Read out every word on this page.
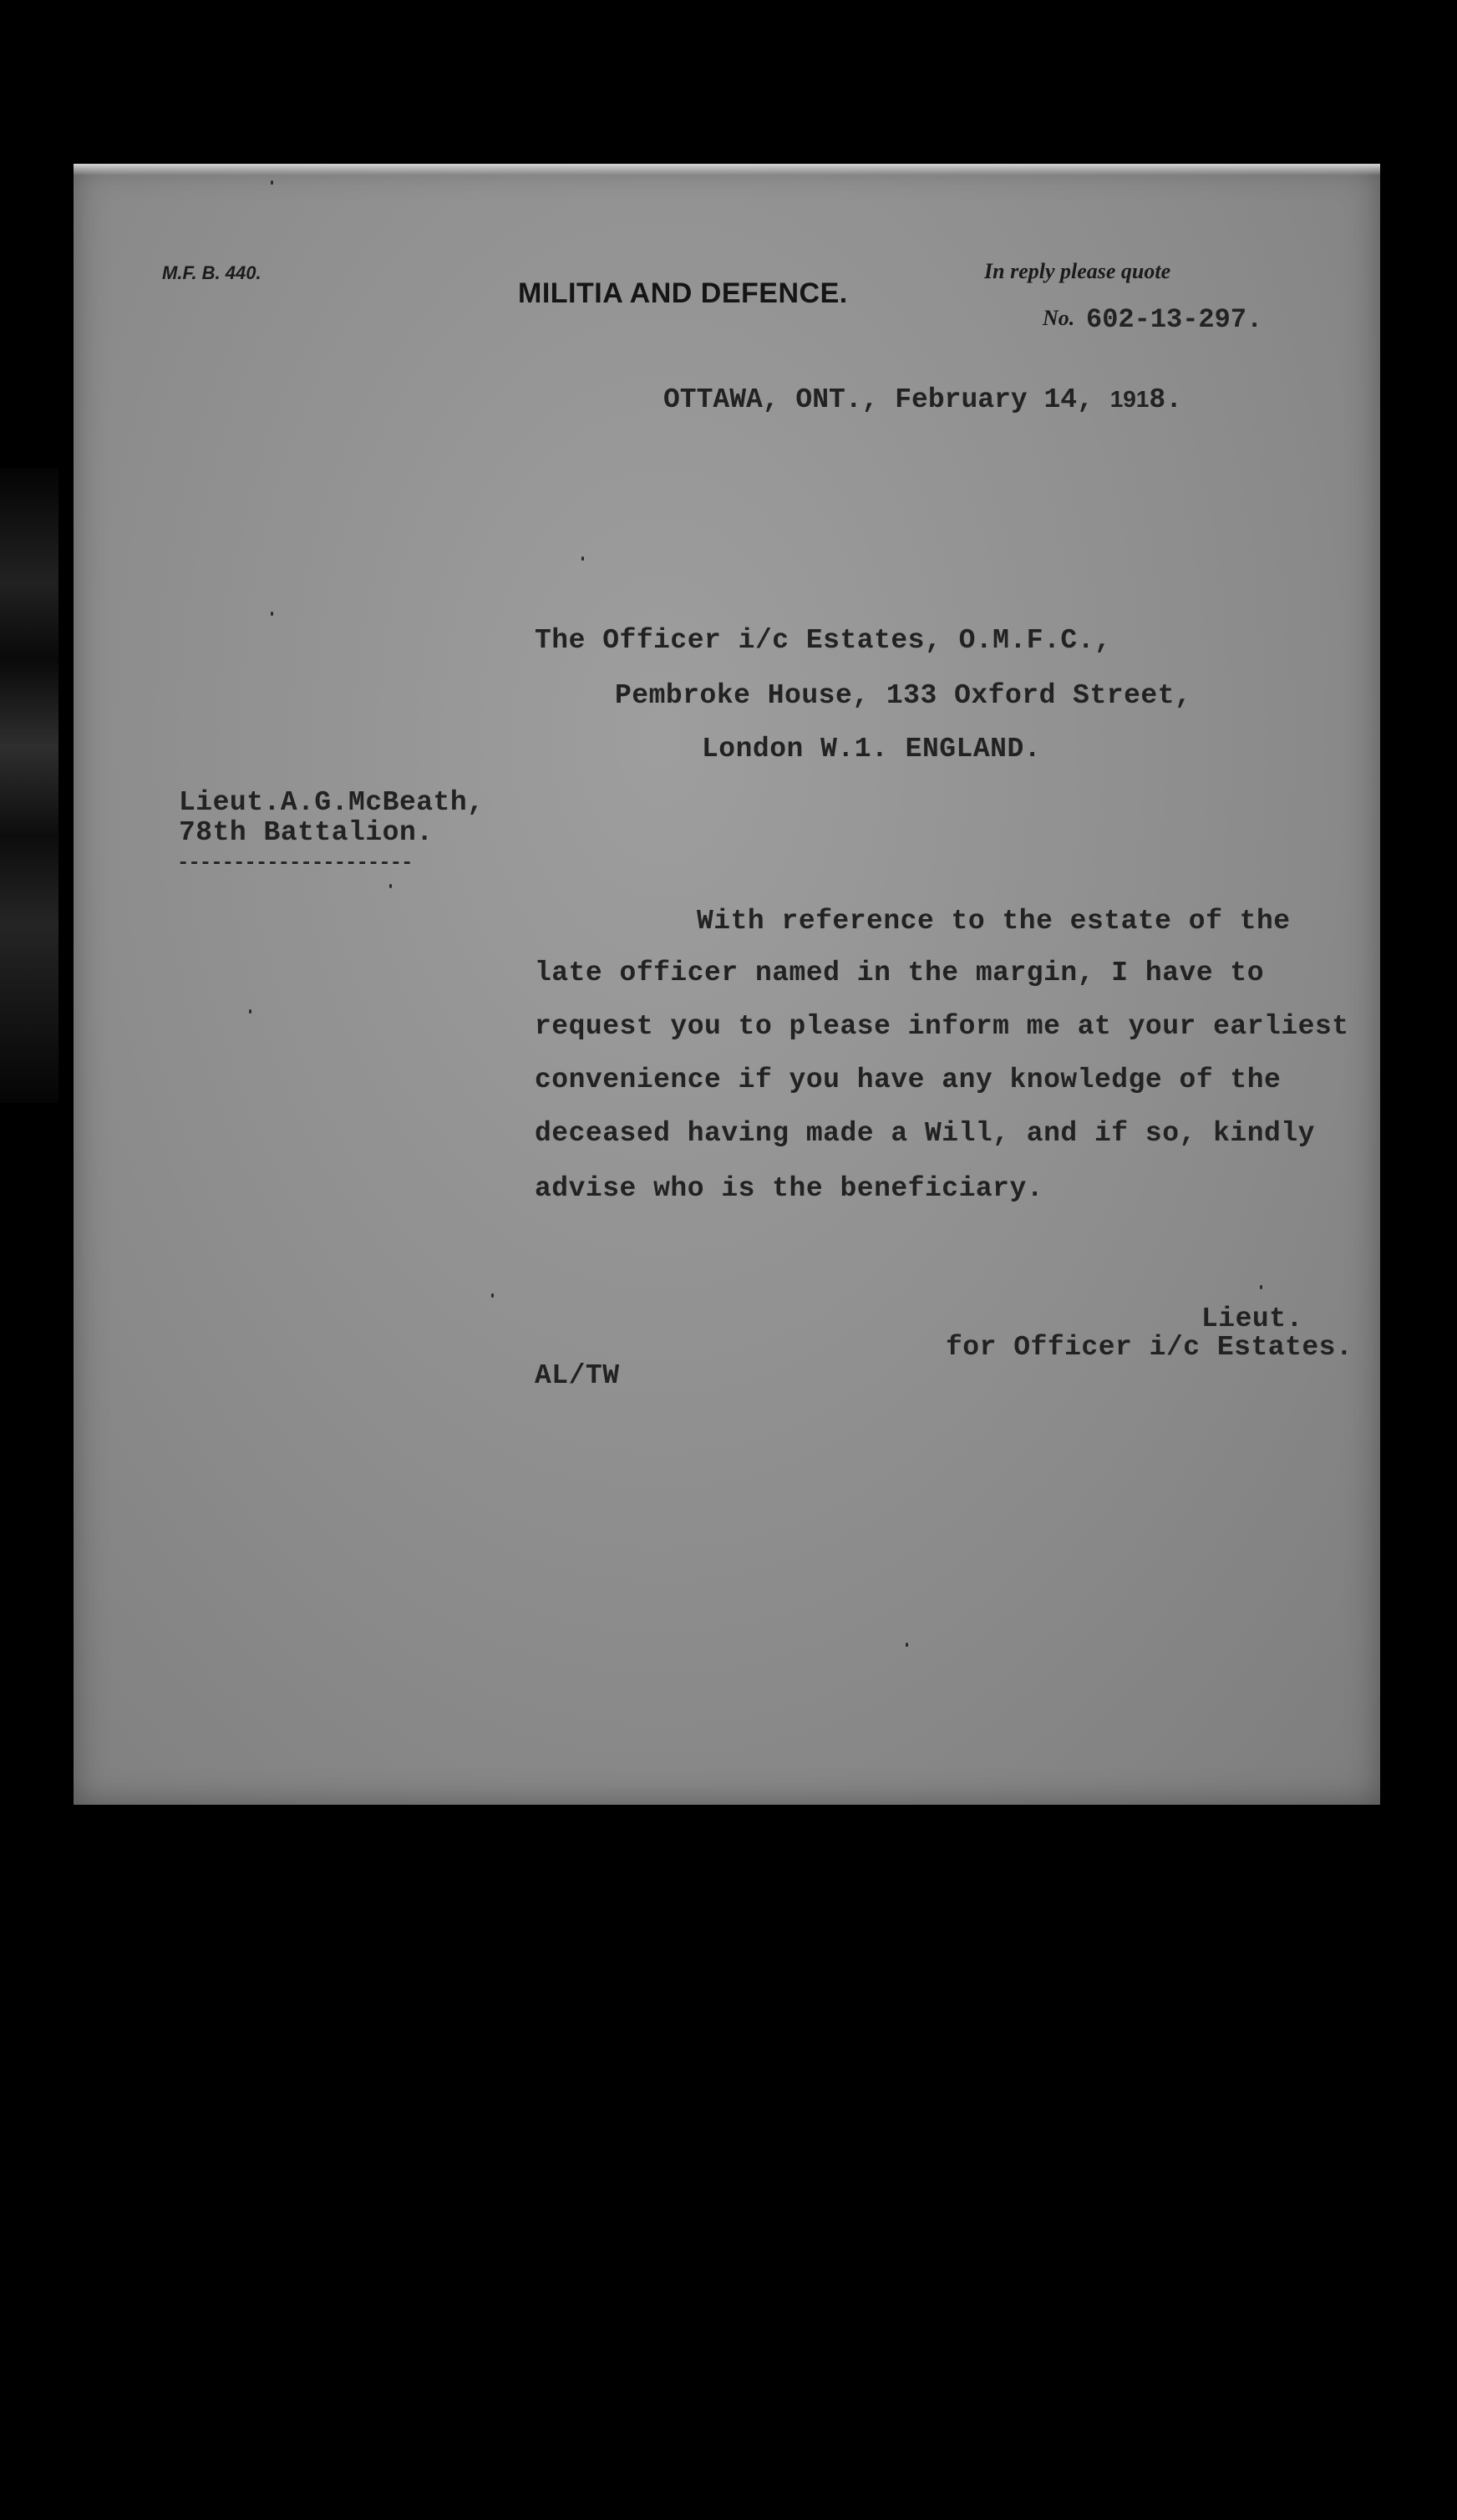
M.F. B. 440.
MILITIA AND DEFENCE.
In reply please quote
No. 602-13-297.
OTTAWA, ONT., February 14, 1918.
The Officer i/c Estates, O.M.F.C.,
Pembroke House, 133 Oxford Street,
London W.1. ENGLAND.
Lieut.A.G.McBeath,
78th Battalion.
---------------------
With reference to the estate of the
late officer named in the margin, I have to
request you to please inform me at your earliest
convenience if you have any knowledge of the
deceased having made a Will, and if so, kindly
advise who is the beneficiary.
Lieut.
for Officer i/c Estates.
AL/TW
